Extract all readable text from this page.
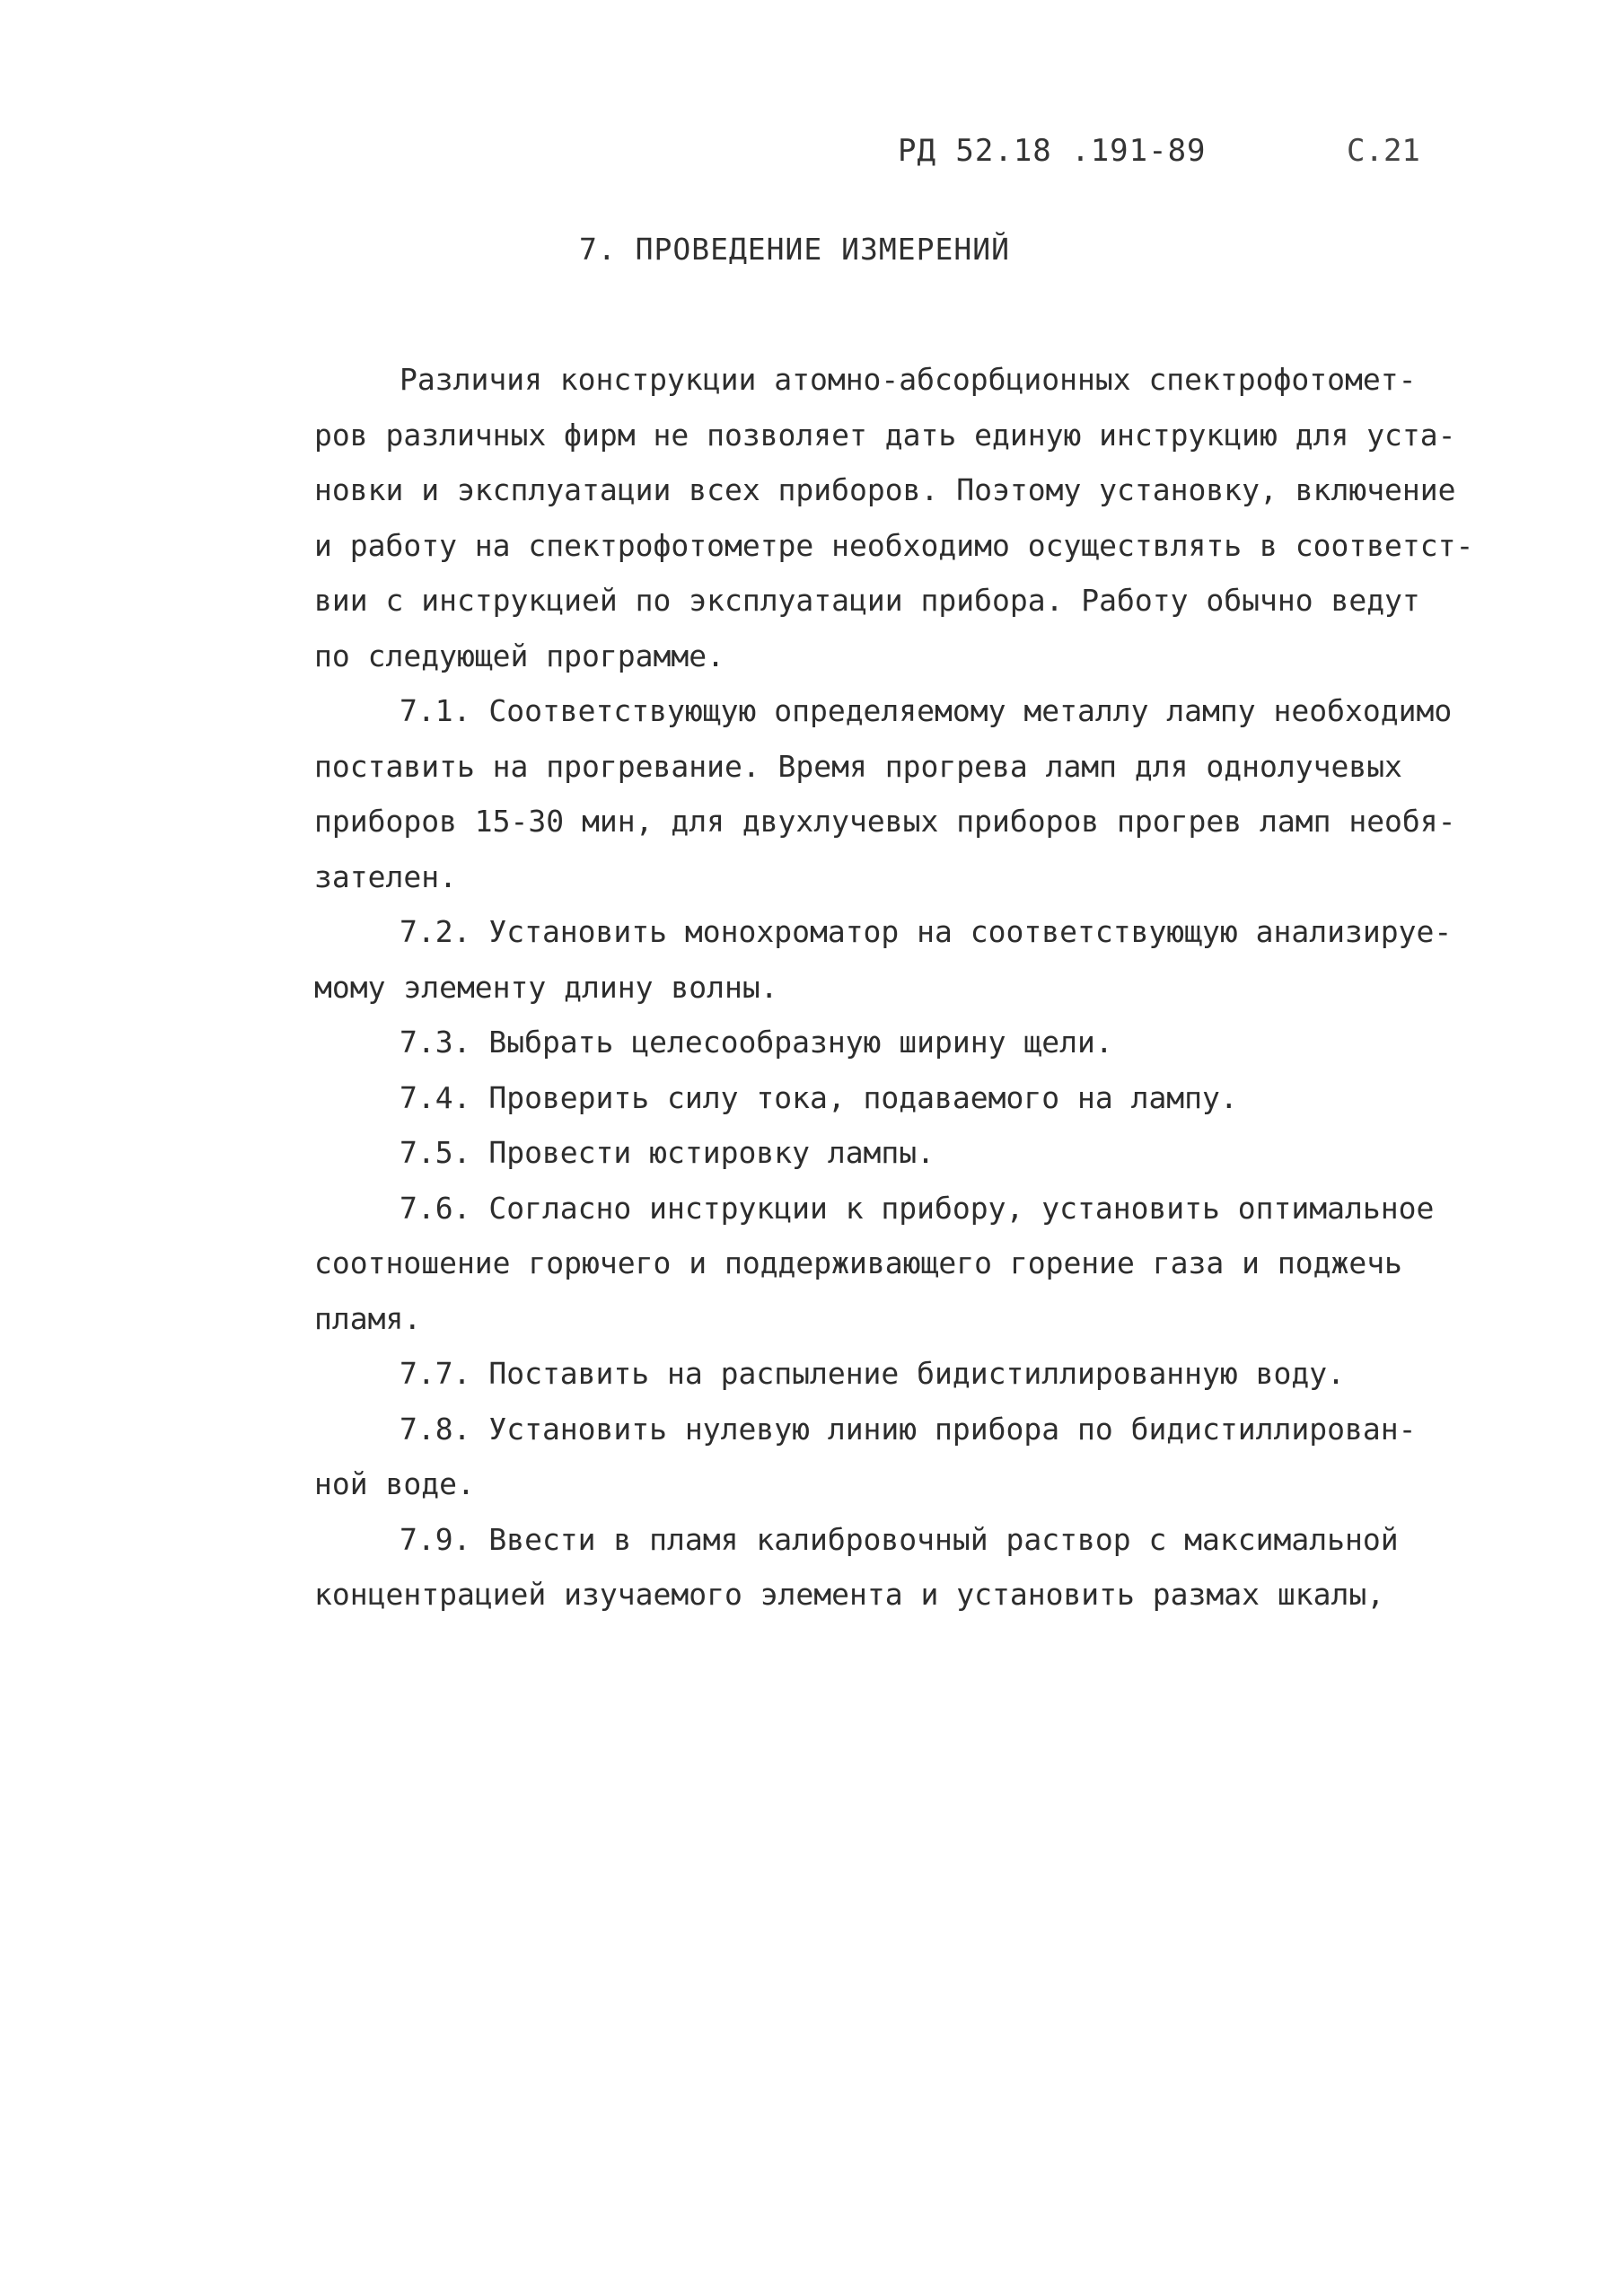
РД 52.18 .191-89	С.21
7. ПРОВЕДЕНИЕ ИЗМЕРЕНИЙ
Различия конструкции атомно-абсорбционных спектрофотомет-
ров различных фирм не позволяет дать единую инструкцию для уста-
новки и эксплуатации всех приборов. Поэтому установку, включение
и работу на спектрофотометре необходимо осуществлять в соответст-
вии с инструкцией по эксплуатации прибора. Работу обычно ведут
по следующей программе.
7.1. Соответствующую определяемому металлу лампу необходимо
поставить на прогревание. Время прогрева ламп для однолучевых
приборов 15-30 мин, для двухлучевых приборов прогрев ламп необя-
зателен.
7.2. Установить монохроматор на соответствующую анализируе-
мому элементу длину волны.
7.3. Выбрать целесообразную ширину щели.
7.4. Проверить силу тока, подаваемого на лампу.
7.5. Провести юстировку лампы.
7.6. Согласно инструкции к прибору, установить оптимальное
соотношение горючего и поддерживающего горение газа и поджечь
пламя.
7.7. Поставить на распыление бидистиллированную воду.
7.8. Установить нулевую линию прибора по бидистиллирован-
ной воде.
7.9. Ввести в пламя калибровочный раствор с максимальной
концентрацией изучаемого элемента и установить размах шкалы,
